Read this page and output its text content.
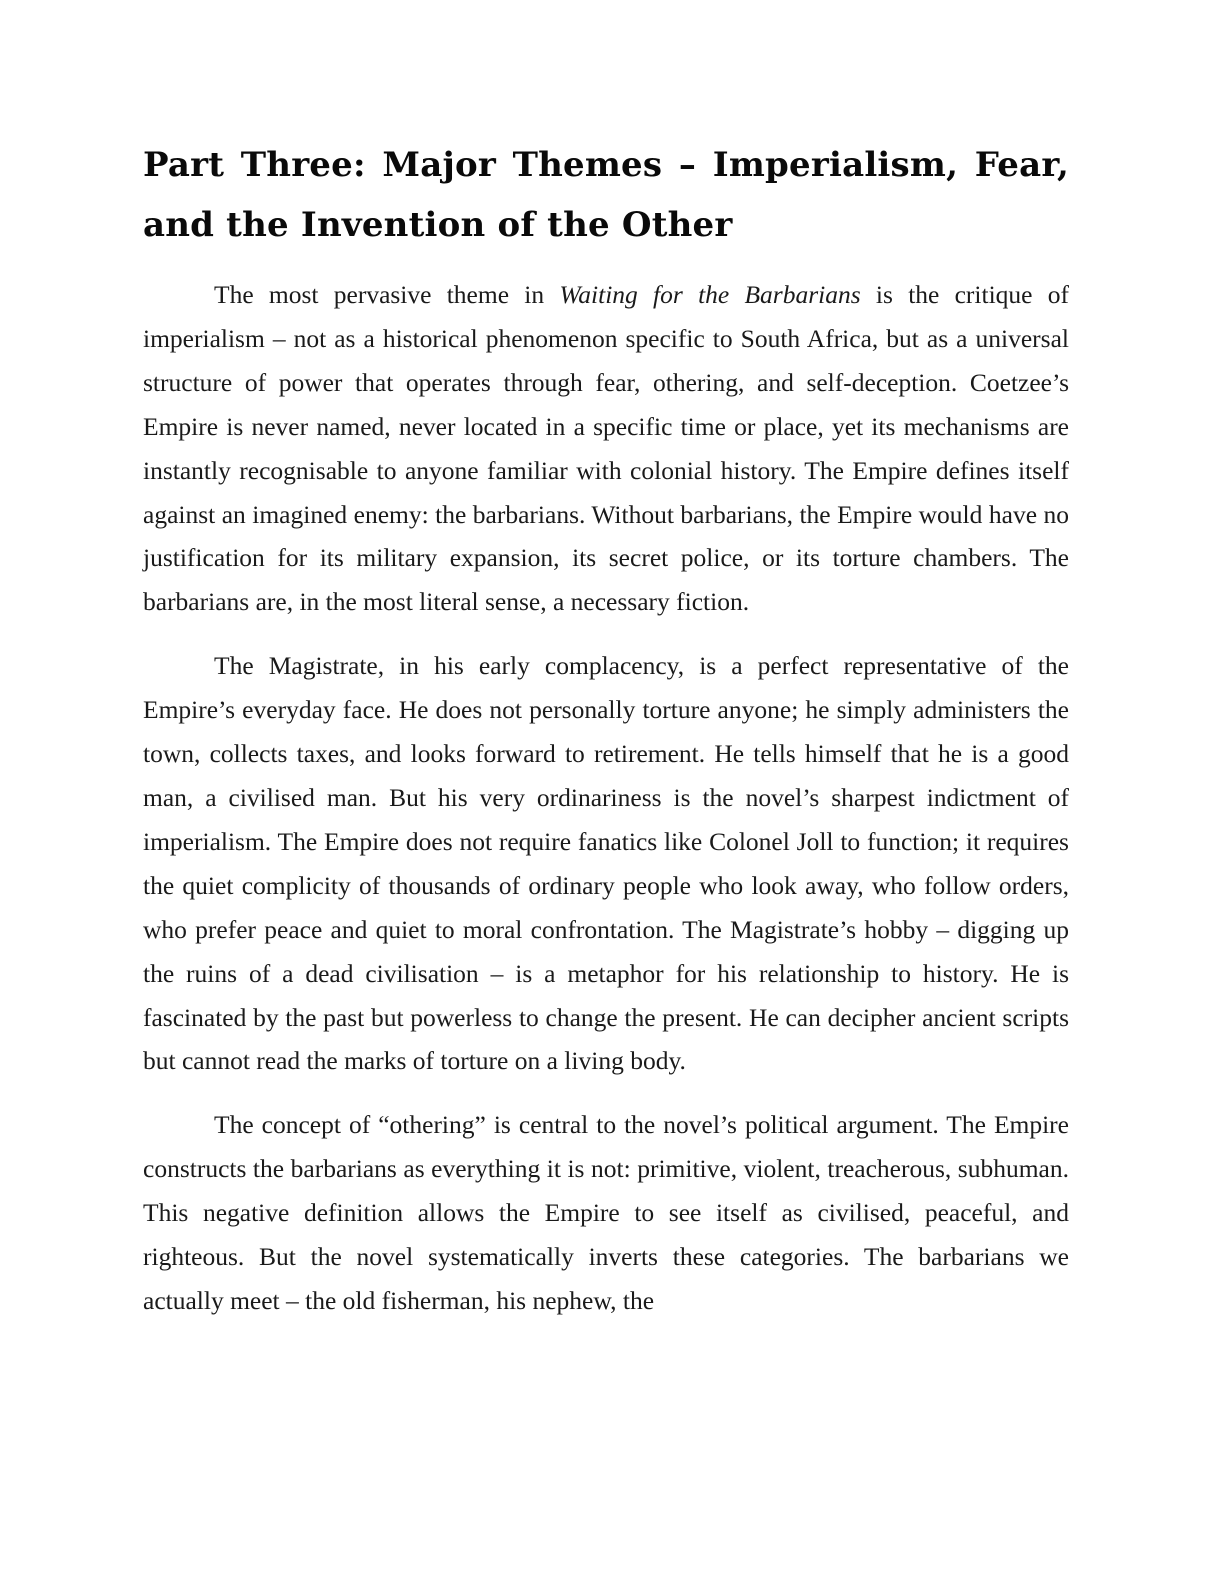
Part Three: Major Themes – Imperialism, Fear, and the Invention of the Other

The most pervasive theme in Waiting for the Barbarians is the critique of imperialism – not as a historical phenomenon specific to South Africa, but as a universal structure of power that operates through fear, othering, and self-deception. Coetzee’s Empire is never named, never located in a specific time or place, yet its mechanisms are instantly recognisable to anyone familiar with colonial history. The Empire defines itself against an imagined enemy: the barbarians. Without barbarians, the Empire would have no justification for its military expansion, its secret police, or its torture chambers. The barbarians are, in the most literal sense, a necessary fiction.

The Magistrate, in his early complacency, is a perfect representative of the Empire’s everyday face. He does not personally torture anyone; he simply administers the town, collects taxes, and looks forward to retirement. He tells himself that he is a good man, a civilised man. But his very ordinariness is the novel’s sharpest indictment of imperialism. The Empire does not require fanatics like Colonel Joll to function; it requires the quiet complicity of thousands of ordinary people who look away, who follow orders, who prefer peace and quiet to moral confrontation. The Magistrate’s hobby – digging up the ruins of a dead civilisation – is a metaphor for his relationship to history. He is fascinated by the past but powerless to change the present. He can decipher ancient scripts but cannot read the marks of torture on a living body.

The concept of “othering” is central to the novel’s political argument. The Empire constructs the barbarians as everything it is not: primitive, violent, treacherous, subhuman. This negative definition allows the Empire to see itself as civilised, peaceful, and righteous. But the novel systematically inverts these categories. The barbarians we actually meet – the old fisherman, his nephew, the
